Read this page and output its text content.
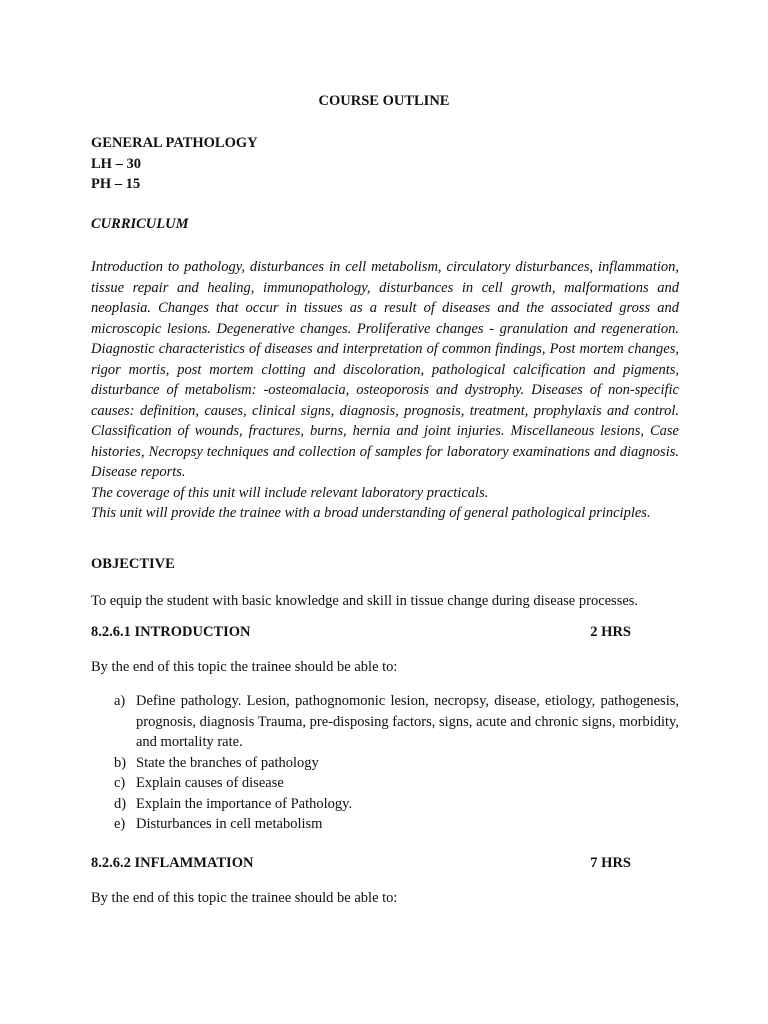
COURSE OUTLINE
GENERAL PATHOLOGY
LH – 30
PH – 15
CURRICULUM

Introduction to pathology, disturbances in cell metabolism, circulatory disturbances, inflammation, tissue repair and healing, immunopathology, disturbances in cell growth, malformations and neoplasia. Changes that occur in tissues as a result of diseases and the associated gross and microscopic lesions. Degenerative changes. Proliferative changes - granulation and regeneration. Diagnostic characteristics of diseases and interpretation of common findings, Post mortem changes, rigor mortis, post mortem clotting and discoloration, pathological calcification and pigments, disturbance of metabolism: -osteomalacia, osteoporosis and dystrophy. Diseases of non-specific causes: definition, causes, clinical signs, diagnosis, prognosis, treatment, prophylaxis and control. Classification of wounds, fractures, burns, hernia and joint injuries. Miscellaneous lesions, Case histories, Necropsy techniques and collection of samples for laboratory examinations and diagnosis. Disease reports.

The coverage of this unit will include relevant laboratory practicals.

This unit will provide the trainee with a broad understanding of general pathological principles.

OBJECTIVE
To equip the student with basic knowledge and skill in tissue change during disease processes.
8.2.6.1 INTRODUCTION	2 HRS
By the end of this topic the trainee should be able to:
a) Define pathology. Lesion, pathognomonic lesion, necropsy, disease, etiology, pathogenesis, prognosis, diagnosis Trauma, pre-disposing factors, signs, acute and chronic signs, morbidity, and mortality rate.
b) State the branches of pathology
c) Explain causes of disease
d) Explain the importance of Pathology.
e) Disturbances in cell metabolism
8.2.6.2 INFLAMMATION	7 HRS
By the end of this topic the trainee should be able to:
